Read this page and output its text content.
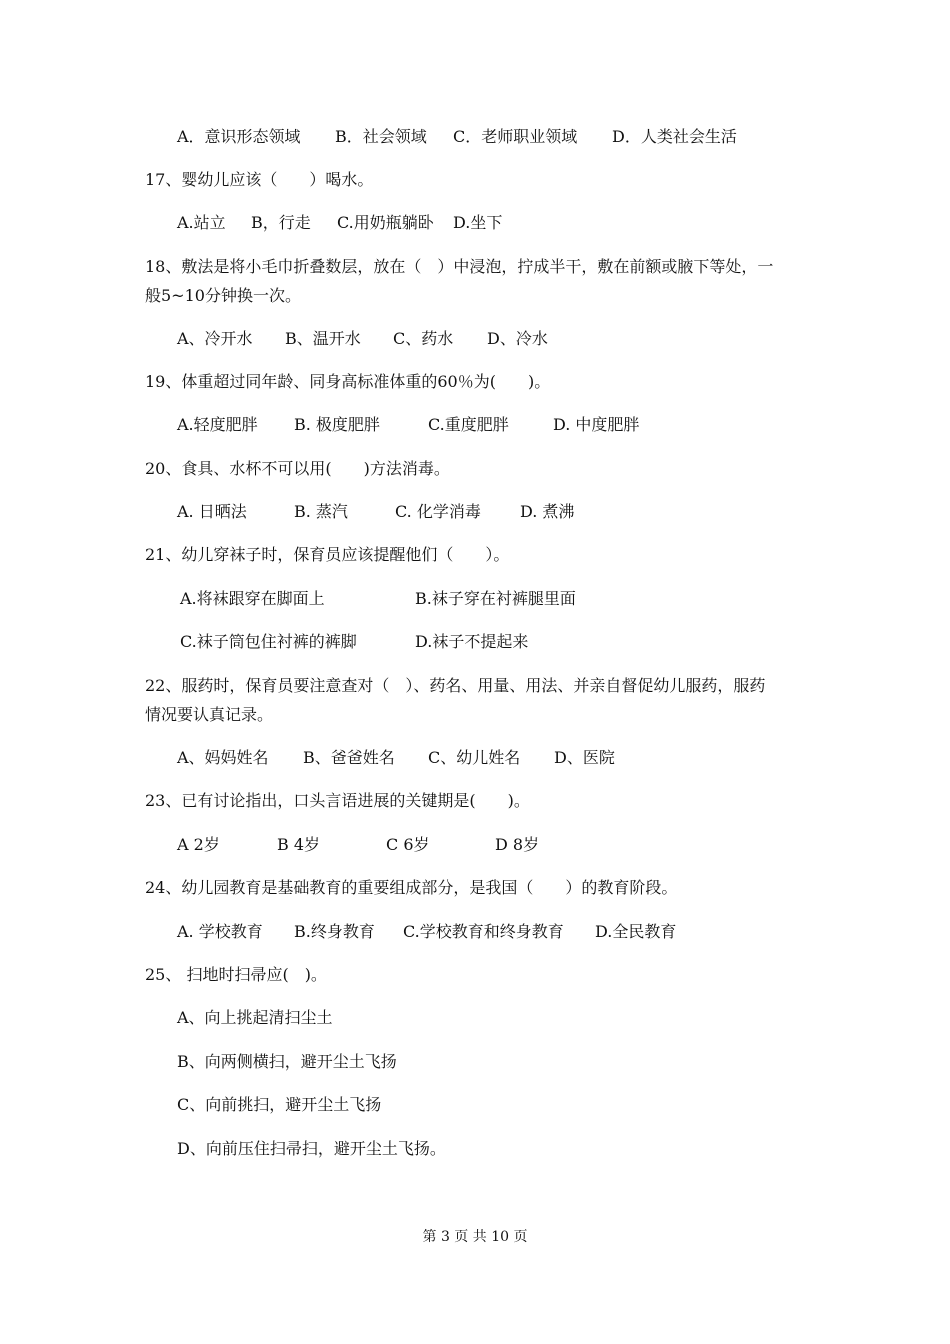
A．意识形态领域

B．社会领域

C．老师职业领域

D．人类社会生活

17、婴幼儿应该（　　）喝水。

A.站立

B，行走

C.用奶瓶躺卧

D.坐下

18、敷法是将小毛巾折叠数层，放在（　）中浸泡，拧成半干，敷在前额或腋下等处，一
般5~10分钟换一次。

A、冷开水

B、温开水

C、药水

D、冷水

19、体重超过同年龄、同身高标准体重的60％为(　　)。

A.轻度肥胖

B. 极度肥胖

	C.重度肥胖

	D. 中度肥胖

20、食具、水杯不可以用(　　)方法消毒。

A. 日晒法

	B. 蒸汽

	C. 化学消毒

D. 煮沸

21、幼儿穿袜子时，保育员应该提醒他们（　　）。

A.将袜跟穿在脚面上

	B.袜子穿在衬裤腿里面

C.袜子筒包住衬裤的裤脚

	D.袜子不提起来

22、服药时，保育员要注意查对（　）、药名、用量、用法、并亲自督促幼儿服药，服药
情况要认真记录。

A、妈妈姓名

B、爸爸姓名

C、幼儿姓名

D、医院

23、已有讨论指出，口头言语进展的关键期是(　　)。

A 2岁

	B 4岁

	C 6岁

	D 8岁

24、幼儿园教育是基础教育的重要组成部分，是我国（　　）的教育阶段。

A. 学校教育

B.终身教育

C.学校教育和终身教育

D.全民教育

25、 扫地时扫帚应(　)。
A、向上挑起清扫尘土
B、向两侧横扫，避开尘土飞扬
C、向前挑扫，避开尘土飞扬
D、向前压住扫帚扫，避开尘土飞扬。
第 3 页 共 10 页
